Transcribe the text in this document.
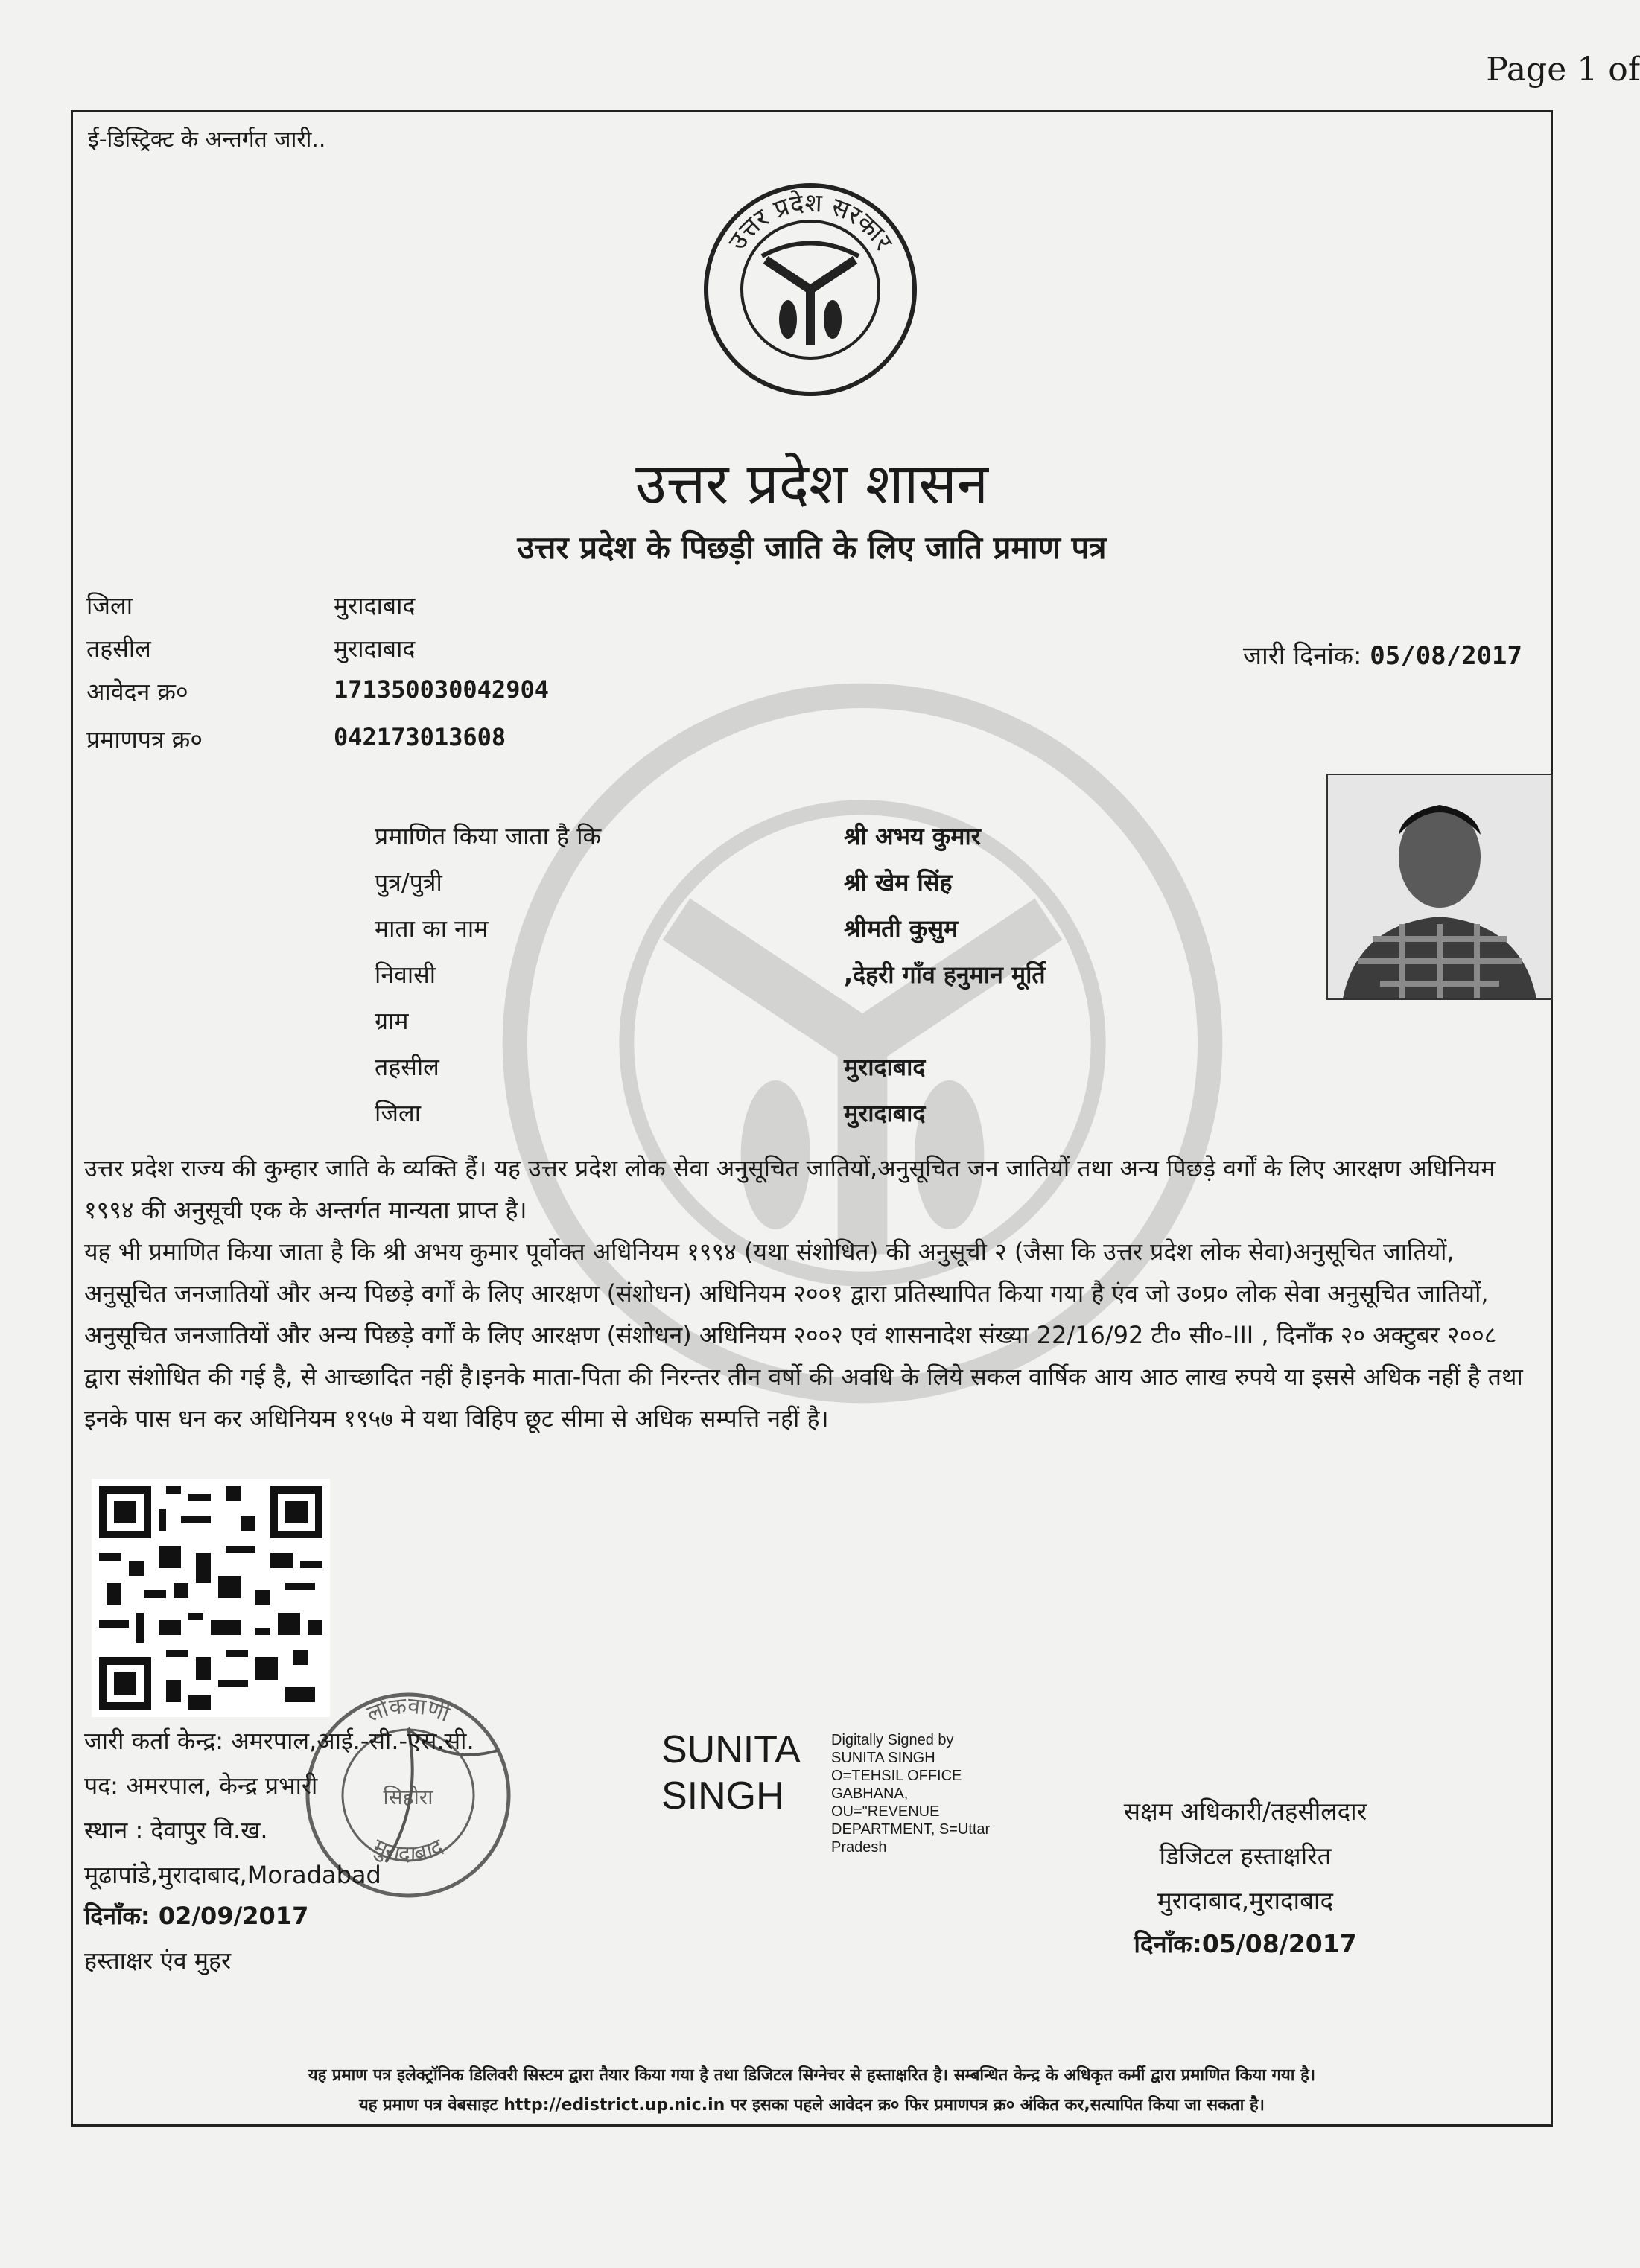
Page 1 of
ई-डिस्ट्रिक्ट के अन्तर्गत जारी..
उत्तर प्रदेश सरकार
उत्तर प्रदेश शासन
उत्तर प्रदेश के पिछड़ी जाति के लिए जाति प्रमाण पत्र
जिला	मुरादाबाद
तहसील	मुरादाबाद
आवेदन क्र०	171350030042904
प्रमाणपत्र क्र०	042173013608
जारी दिनांक: 05/08/2017
प्रमाणित किया जाता है कि	श्री अभय कुमार
पुत्र/पुत्री	श्री खेम सिंह
माता का नाम	श्रीमती कुसुम
निवासी	,देहरी गाँव हनुमान मूर्ति
ग्राम
तहसील	मुरादाबाद
जिला	मुरादाबाद
उत्तर प्रदेश राज्य की कुम्हार जाति के व्यक्ति हैं। यह उत्तर प्रदेश लोक सेवा अनुसूचित जातियों,अनुसूचित जन जातियों तथा अन्य पिछड़े वर्गों के लिए आरक्षण अधिनियम १९९४ की अनुसूची एक के अन्तर्गत मान्यता प्राप्त है।
यह भी प्रमाणित किया जाता है कि श्री अभय कुमार पूर्वोक्त अधिनियम १९९४ (यथा संशोधित) की अनुसूची २ (जैसा कि उत्तर प्रदेश लोक सेवा)अनुसूचित जातियों, अनुसूचित जनजातियों और अन्य पिछड़े वर्गों के लिए आरक्षण (संशोधन) अधिनियम २००१ द्वारा प्रतिस्थापित किया गया है एंव जो उ०प्र० लोक सेवा अनुसूचित जातियों, अनुसूचित जनजातियों और अन्य पिछड़े वर्गों के लिए आरक्षण (संशोधन) अधिनियम २००२ एवं शासनादेश संख्या 22/16/92 टी० सी०-III , दिनाँक २० अक्टुबर २००८ द्वारा संशोधित की गई है, से आच्छादित नहीं है।इनके माता-पिता की निरन्तर तीन वर्षो की अवधि के लिये सकल वार्षिक आय आठ लाख रुपये या इससे अधिक नहीं है तथा इनके पास धन कर अधिनियम १९५७ मे यथा विहिप छूट सीमा से अधिक सम्पत्ति नहीं है।
लोकवाणी
मुरादाबाद
सिहोरा
जारी कर्ता केन्द्र: अमरपाल,आई.-सी.-एस.सी.
पद: अमरपाल, केन्द्र प्रभारी
स्थान : देवापुर वि.ख.
मूढापांडे,मुरादाबाद,Moradabad
दिनाँक: 02/09/2017
हस्ताक्षर एंव मुहर
SUNITA
SINGH
Digitally Signed by
SUNITA SINGH
O=TEHSIL OFFICE
GABHANA,
OU="REVENUE
DEPARTMENT, S=Uttar
Pradesh
सक्षम अधिकारी/तहसीलदार
डिजिटल हस्ताक्षरित
मुरादाबाद,मुरादाबाद
दिनाँक:05/08/2017
यह प्रमाण पत्र इलेक्ट्रॉनिक डिलिवरी सिस्टम द्वारा तैयार किया गया है तथा डिजिटल सिग्नेचर से हस्ताक्षरित है। सम्बन्धित केन्द्र के अधिकृत कर्मी द्वारा प्रमाणित किया गया है।
यह प्रमाण पत्र वेबसाइट http://edistrict.up.nic.in पर इसका पहले आवेदन क्र० फिर प्रमाणपत्र क्र० अंकित कर,सत्यापित किया जा सकता है।
